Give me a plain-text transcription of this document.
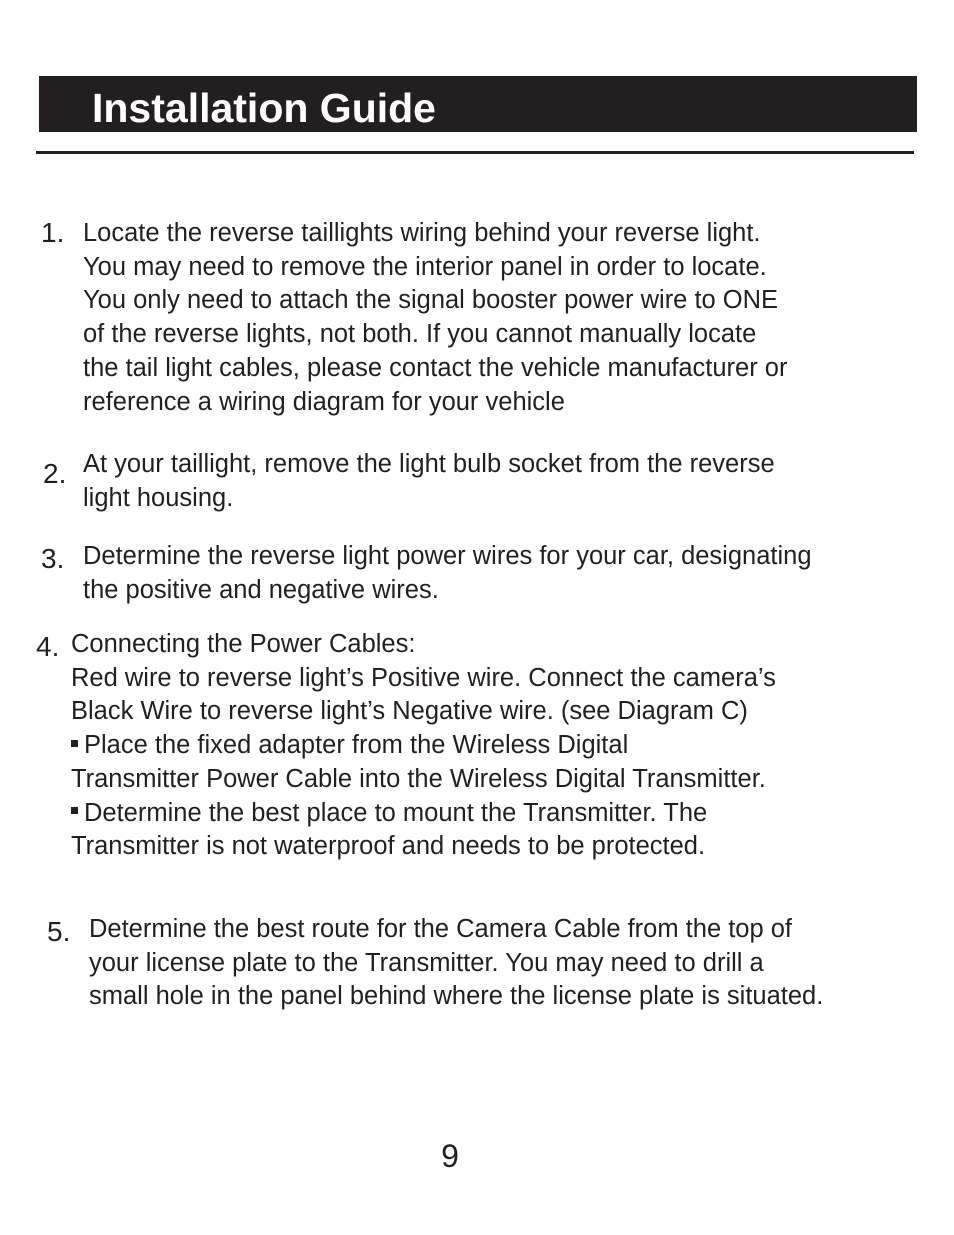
Installation Guide
1. Locate the reverse taillights wiring behind your reverse light.
You may need to remove the interior panel in order to locate.
You only need to attach the signal booster power wire to ONE
of the reverse lights, not both. If you cannot manually locate
the tail light cables, please contact the vehicle manufacturer or
reference a wiring diagram for your vehicle
2. At your taillight, remove the light bulb socket from the reverse
light housing.
3. Determine the reverse light power wires for your car, designating
the positive and negative wires.
4. Connecting the Power Cables:
Red wire to reverse light’s Positive wire. Connect the camera’s
Black Wire to reverse light’s Negative wire. (see Diagram C)
Place the fixed adapter from the Wireless Digital
Transmitter Power Cable into the Wireless Digital Transmitter.
Determine the best place to mount the Transmitter. The
Transmitter is not waterproof and needs to be protected.
5. Determine the best route for the Camera Cable from the top of
your license plate to the Transmitter. You may need to drill a
small hole in the panel behind where the license plate is situated.
9
